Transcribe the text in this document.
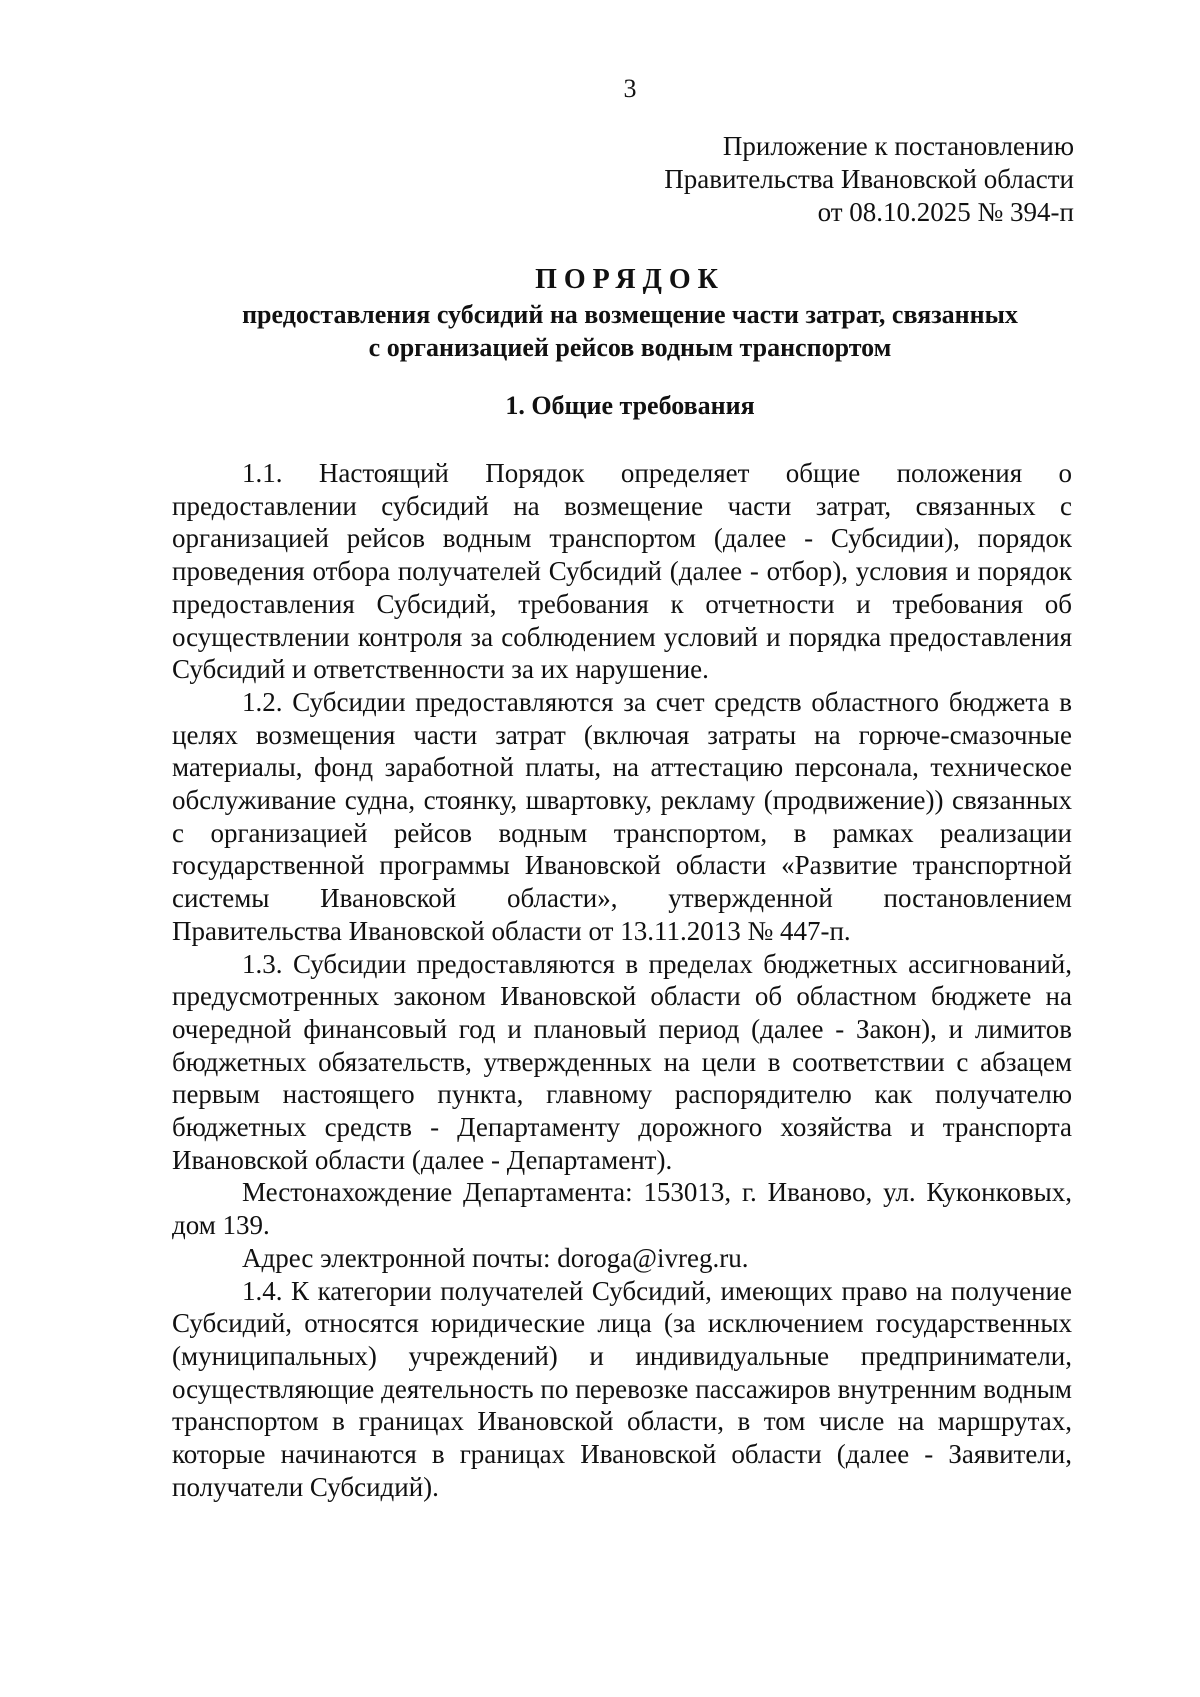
3
Приложение к постановлению
Правительства Ивановской области
от 08.10.2025 № 394-п
ПОРЯДОК
предоставления субсидий на возмещение части затрат, связанных
с организацией рейсов водным транспортом
1. Общие требования

1.1. Настоящий Порядок определяет общие положения о предоставлении субсидий на возмещение части затрат, связанных с организацией рейсов водным транспортом (далее - Субсидии), порядок проведения отбора получателей Субсидий (далее - отбор), условия и порядок предоставления Субсидий, требования к отчетности и требования об осуществлении контроля за соблюдением условий и порядка предоставления Субсидий и ответственности за их нарушение.

1.2. Субсидии предоставляются за счет средств областного бюджета в целях возмещения части затрат (включая затраты на горюче-смазочные материалы, фонд заработной платы, на аттестацию персонала, техническое обслуживание судна, стоянку, швартовку, рекламу (продвижение)) связанных с организацией рейсов водным транспортом, в рамках реализации государственной программы Ивановской области «Развитие транспортной системы Ивановской области», утвержденной постановлением Правительства Ивановской области от 13.11.2013 № 447-п.

1.3. Субсидии предоставляются в пределах бюджетных ассигнований, предусмотренных законом Ивановской области об областном бюджете на очередной финансовый год и плановый период (далее - Закон), и лимитов бюджетных обязательств, утвержденных на цели в соответствии с абзацем первым настоящего пункта, главному распорядителю как получателю бюджетных средств - Департаменту дорожного хозяйства и транспорта Ивановской области (далее - Департамент).

Местонахождение Департамента: 153013, г. Иваново, ул. Куконковых, дом 139.

Адрес электронной почты: doroga@ivreg.ru.

1.4. К категории получателей Субсидий, имеющих право на получение Субсидий, относятся юридические лица (за исключением государственных (муниципальных) учреждений) и индивидуальные предприниматели, осуществляющие деятельность по перевозке пассажиров внутренним водным транспортом в границах Ивановской области, в том числе на маршрутах, которые начинаются в границах Ивановской области (далее - Заявители, получатели Субсидий).
